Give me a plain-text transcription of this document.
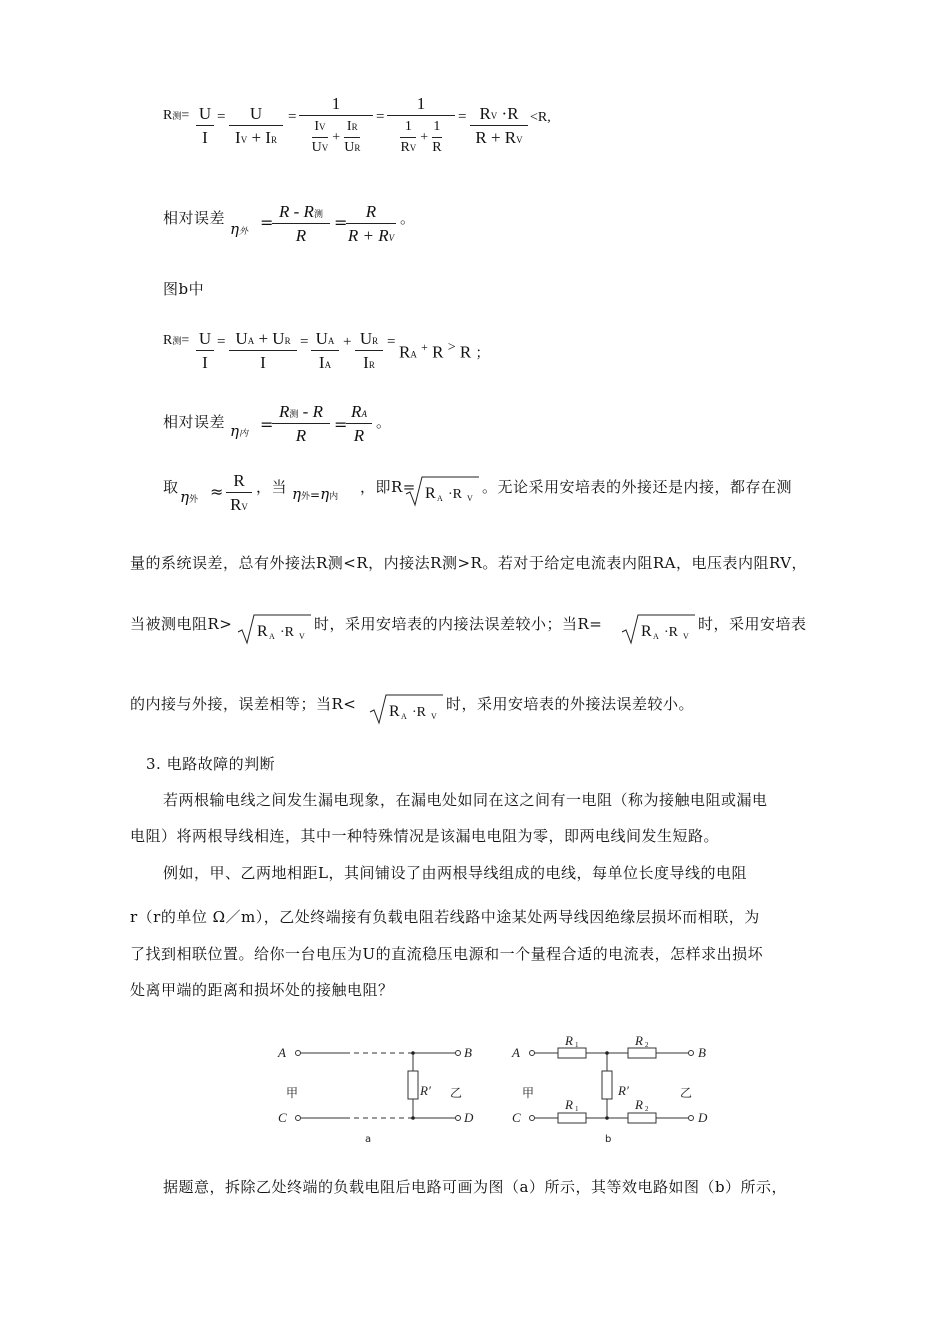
R测= U
I
= U
IV + IR
=
1
IV
UV
+
IR
UR
=
1
1
RV
+
1
R
= RV ·R
R + RV
<R,
相对误差
η外 =
R - R测
R
=
R
R + RV
。
图b中
R测= U
I
= UA + UR
I
= UA
IA
+ UR
IR
=
RA + R > R ；
相对误差 η内 =
R测 - R
R
=
RA
R
。
取
η外 ≈
R
RV
，当 η外=η内
，即R= R A ·R V
。无论采用安培表的外接还是内接，都存在测
量的系统误差，总有外接法R测<R，内接法R测>R。若对于给定电流表内阻RA，电压表内阻RV，
当被测电阻R> R A ·R V
时，采用安培表的内接法误差较小；当R= R A ·R V
时，采用安培表
的内接与外接，误差相等；当R< R A ·R V
时，采用安培表的外接法误差较小。
3. 电路故障的判断
若两根输电线之间发生漏电现象，在漏电处如同在这之间有一电阻（称为接触电阻或漏电
电阻）将两根导线相连，其中一种特殊情况是该漏电电阻为零，即两电线间发生短路。
例如，甲、乙两地相距L，其间铺设了由两根导线组成的电线，每单位长度导线的电阻
r（r的单位 Ω／m），乙处终端接有负载电阻若线路中途某处两导线因绝缘层损坏而相联，为
了找到相联位置。给你一台电压为U的直流稳压电源和一个量程合适的电流表，怎样求出损坏
处离甲端的距离和损坏处的接触电阻？
A
C
B
D
R′
甲	乙
a
A
C
B
D
R′
R	R
R	R
1	2
1	2
甲	乙
b
据题意，拆除乙处终端的负载电阻后电路可画为图（a）所示，其等效电路如图（b）所示，
